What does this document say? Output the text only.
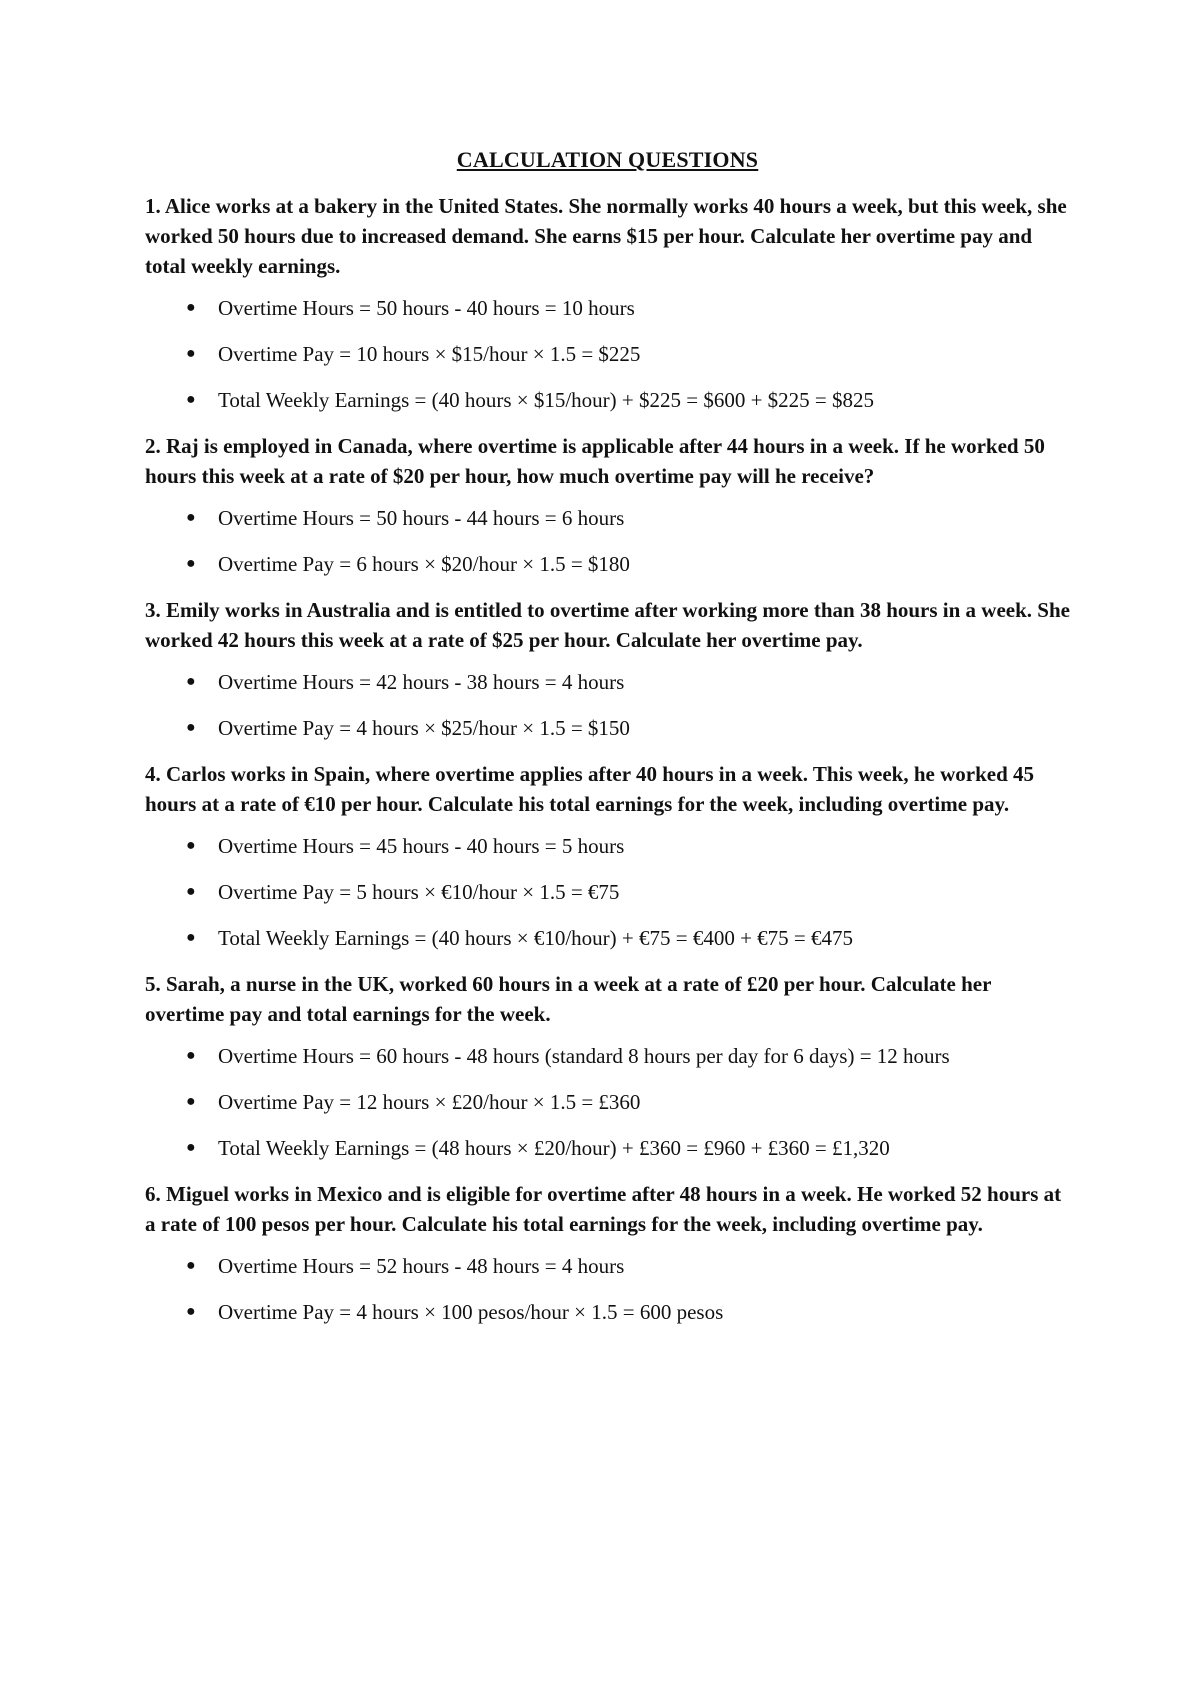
CALCULATION QUESTIONS

1. Alice works at a bakery in the United States. She normally works 40 hours a week, but this week, she worked 50 hours due to increased demand. She earns $15 per hour. Calculate her overtime pay and total weekly earnings.

● Overtime Hours = 50 hours - 40 hours = 10 hours
● Overtime Pay = 10 hours × $15/hour × 1.5 = $225
● Total Weekly Earnings = (40 hours × $15/hour) + $225 = $600 + $225 = $825

2. Raj is employed in Canada, where overtime is applicable after 44 hours in a week. If he worked 50 hours this week at a rate of $20 per hour, how much overtime pay will he receive?

● Overtime Hours = 50 hours - 44 hours = 6 hours
● Overtime Pay = 6 hours × $20/hour × 1.5 = $180

3. Emily works in Australia and is entitled to overtime after working more than 38 hours in a week. She worked 42 hours this week at a rate of $25 per hour. Calculate her overtime pay.

● Overtime Hours = 42 hours - 38 hours = 4 hours
● Overtime Pay = 4 hours × $25/hour × 1.5 = $150

4. Carlos works in Spain, where overtime applies after 40 hours in a week. This week, he worked 45 hours at a rate of €10 per hour. Calculate his total earnings for the week, including overtime pay.

● Overtime Hours = 45 hours - 40 hours = 5 hours
● Overtime Pay = 5 hours × €10/hour × 1.5 = €75
● Total Weekly Earnings = (40 hours × €10/hour) + €75 = €400 + €75 = €475

5. Sarah, a nurse in the UK, worked 60 hours in a week at a rate of £20 per hour. Calculate her overtime pay and total earnings for the week.

● Overtime Hours = 60 hours - 48 hours (standard 8 hours per day for 6 days) = 12 hours
● Overtime Pay = 12 hours × £20/hour × 1.5 = £360
● Total Weekly Earnings = (48 hours × £20/hour) + £360 = £960 + £360 = £1,320

6. Miguel works in Mexico and is eligible for overtime after 48 hours in a week. He worked 52 hours at a rate of 100 pesos per hour. Calculate his total earnings for the week, including overtime pay.

● Overtime Hours = 52 hours - 48 hours = 4 hours
● Overtime Pay = 4 hours × 100 pesos/hour × 1.5 = 600 pesos
